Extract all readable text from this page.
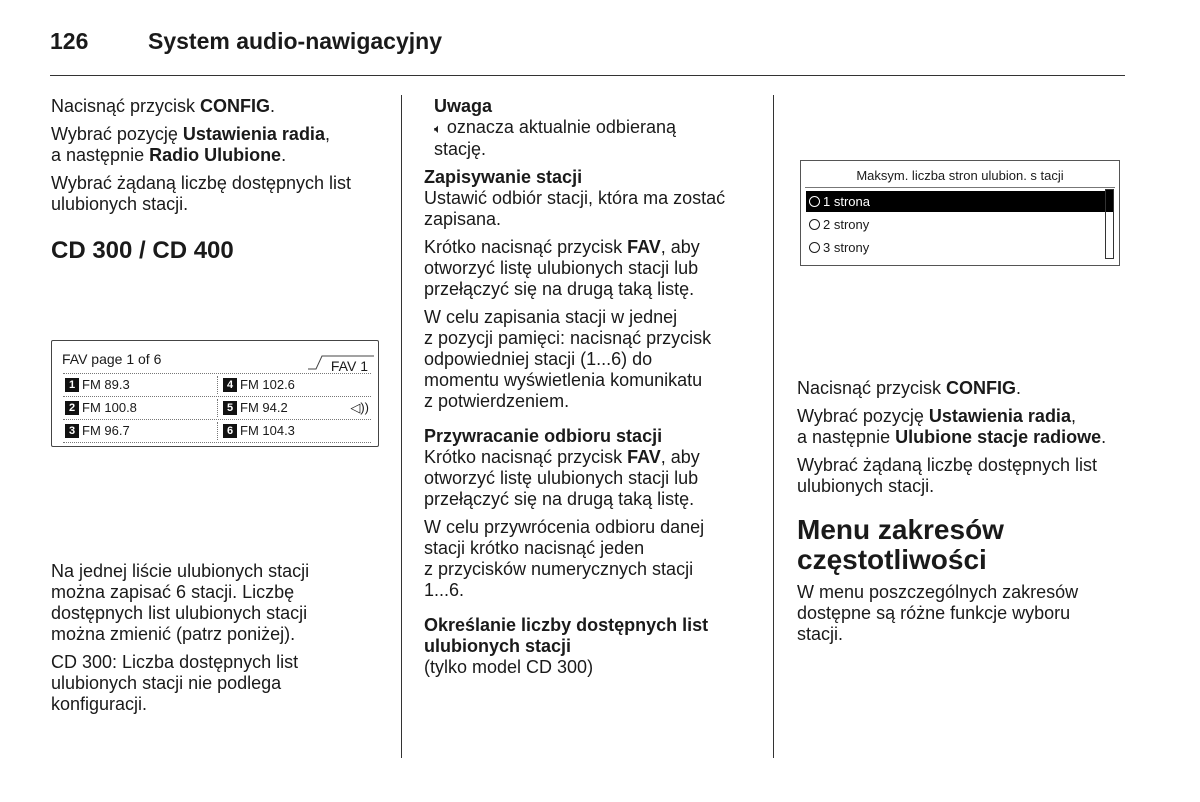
126	System audio-nawigacyjny

Nacisnąć przycisk CONFIG.

Wybrać pozycję Ustawienia radia,
a następnie Radio Ulubione.

Wybrać żądaną liczbę dostępnych list
ulubionych stacji.

CD 300 / CD 400
FAV page 1 of 6	FAV 1
1 FM 89.3	4 FM 102.6
2 FM 100.8	5 FM 94.2	◁))
3 FM 96.7	6 FM 104.3

Na jednej liście ulubionych stacji
można zapisać 6 stacji. Liczbę
dostępnych list ulubionych stacji
można zmienić (patrz poniżej).

CD 300: Liczba dostępnych list
ulubionych stacji nie podlega
konfiguracji.

Uwaga

🔈︎ oznacza aktualnie odbieraną
stację.

Zapisywanie stacji

Ustawić odbiór stacji, która ma zostać
zapisana.

Krótko nacisnąć przycisk FAV, aby
otworzyć listę ulubionych stacji lub
przełączyć się na drugą taką listę.

W celu zapisania stacji w jednej
z pozycji pamięci: nacisnąć przycisk
odpowiedniej stacji (1...6) do
momentu wyświetlenia komunikatu
z potwierdzeniem.

Przywracanie odbioru stacji

Krótko nacisnąć przycisk FAV, aby
otworzyć listę ulubionych stacji lub
przełączyć się na drugą taką listę.

W celu przywrócenia odbioru danej
stacji krótko nacisnąć jeden
z przycisków numerycznych stacji
1...6.

Określanie liczby dostępnych list
ulubionych stacji

(tylko model CD 300)

Maksym. liczba stron ulubion. s tacji
1 strona
2 strony
3 strony

Nacisnąć przycisk CONFIG.

Wybrać pozycję Ustawienia radia,
a następnie Ulubione stacje radiowe.

Wybrać żądaną liczbę dostępnych list
ulubionych stacji.

Menu zakresów
częstotliwości

W menu poszczególnych zakresów
dostępne są różne funkcje wyboru
stacji.
